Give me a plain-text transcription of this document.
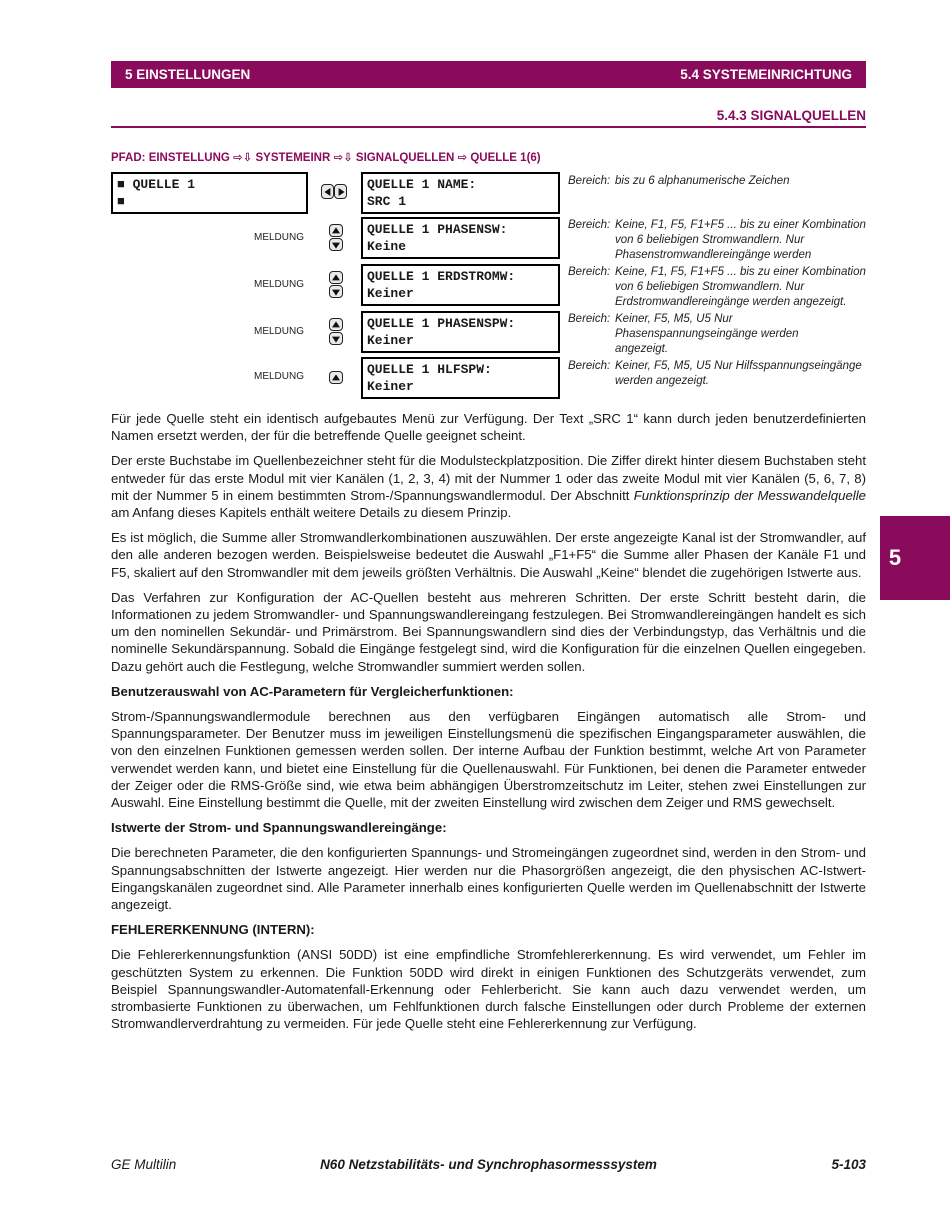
5 EINSTELLUNGEN	5.4 SYSTEMEINRICHTUNG
5.4.3 SIGNALQUELLEN
PFAD: EINSTELLUNG ⇨⇩ SYSTEMEINR ⇨⇩ SIGNALQUELLEN ⇨ QUELLE 1(6)
■ QUELLE 1
■
QUELLE 1 NAME:
SRC 1
Bereich: bis zu 6 alphanumerische Zeichen
MELDUNG
QUELLE 1 PHASENSW:
Keine
Bereich: Keine, F1, F5, F1+F5 ... bis zu einer Kombination von 6 beliebigen Stromwandlern. Nur Phasenstromwandlereingänge werden
MELDUNG
QUELLE 1 ERDSTROMW:
Keiner
Bereich: Keine, F1, F5, F1+F5 ... bis zu einer Kombination von 6 beliebigen Stromwandlern. Nur Erdstromwandlereingänge werden angezeigt.
MELDUNG
QUELLE 1 PHASENSPW:
Keiner
Bereich: Keiner, F5, M5, U5 Nur Phasenspannungseingänge werden angezeigt.
MELDUNG	QUELLE 1 HLFSPW:
Keiner
Bereich: Keiner, F5, M5, U5 Nur Hilfsspannungseingänge werden angezeigt.

Für jede Quelle steht ein identisch aufgebautes Menü zur Verfügung. Der Text „SRC 1“ kann durch jeden benutzerdefinierten Namen ersetzt werden, der für die betreffende Quelle geeignet scheint.

Der erste Buchstabe im Quellenbezeichner steht für die Modulsteckplatzposition. Die Ziffer direkt hinter diesem Buchstaben steht entweder für das erste Modul mit vier Kanälen (1, 2, 3, 4) mit der Nummer 1 oder das zweite Modul mit vier Kanälen (5, 6, 7, 8) mit der Nummer 5 in einem bestimmten Strom-/Spannungswandlermodul. Der Abschnitt Funktionsprinzip der Messwandelquelle am Anfang dieses Kapitels enthält weitere Details zu diesem Prinzip.

Es ist möglich, die Summe aller Stromwandlerkombinationen auszuwählen. Der erste angezeigte Kanal ist der Stromwandler, auf den alle anderen bezogen werden. Beispielsweise bedeutet die Auswahl „F1+F5“ die Summe aller Phasen der Kanäle F1 und F5, skaliert auf den Stromwandler mit dem jeweils größten Verhältnis. Die Auswahl „Keine“ blendet die zugehörigen Istwerte aus.

Das Verfahren zur Konfiguration der AC-Quellen besteht aus mehreren Schritten. Der erste Schritt besteht darin, die Informationen zu jedem Stromwandler- und Spannungswandlereingang festzulegen. Bei Stromwandlereingängen handelt es sich um den nominellen Sekundär- und Primärstrom. Bei Spannungswandlern sind dies der Verbindungstyp, das Verhältnis und die nominelle Sekundärspannung. Sobald die Eingänge festgelegt sind, wird die Konfiguration für die einzelnen Quellen eingegeben. Dazu gehört auch die Festlegung, welche Stromwandler summiert werden sollen.

Benutzerauswahl von AC-Parametern für Vergleicherfunktionen:

Strom-/Spannungswandlermodule berechnen aus den verfügbaren Eingängen automatisch alle Strom- und Spannungsparameter. Der Benutzer muss im jeweiligen Einstellungsmenü die spezifischen Eingangsparameter auswählen, die von den einzelnen Funktionen gemessen werden sollen. Der interne Aufbau der Funktion bestimmt, welche Art von Parameter verwendet werden kann, und bietet eine Einstellung für die Quellenauswahl. Für Funktionen, bei denen die Parameter entweder der Zeiger oder die RMS-Größe sind, wie etwa beim abhängigen Überstromzeitschutz im Leiter, stehen zwei Einstellungen zur Auswahl. Eine Einstellung bestimmt die Quelle, mit der zweiten Einstellung wird zwischen dem Zeiger und RMS gewechselt.

Istwerte der Strom- und Spannungswandlereingänge:

Die berechneten Parameter, die den konfigurierten Spannungs- und Stromeingängen zugeordnet sind, werden in den Strom- und Spannungsabschnitten der Istwerte angezeigt. Hier werden nur die Phasorgrößen angezeigt, die den physischen AC-Istwert-Eingangskanälen zugeordnet sind. Alle Parameter innerhalb eines konfigurierten Quelle werden im Quellenabschnitt der Istwerte angezeigt.

FEHLERERKENNUNG (INTERN):

Die Fehlererkennungsfunktion (ANSI 50DD) ist eine empfindliche Stromfehlererkennung. Es wird verwendet, um Fehler im geschützten System zu erkennen. Die Funktion 50DD wird direkt in einigen Funktionen des Schutzgeräts verwendet, zum Beispiel Spannungswandler-Automatenfall-Erkennung oder Fehlerbericht. Sie kann auch dazu verwendet werden, um strombasierte Funktionen zu überwachen, um Fehlfunktionen durch falsche Einstellungen oder durch Probleme der externen Stromwandlerverdrahtung zu vermeiden. Für jede Quelle steht eine Fehlererkennung zur Verfügung.

5
GE Multilin	N60 Netzstabilitäts- und Synchrophasormesssystem	5-103
